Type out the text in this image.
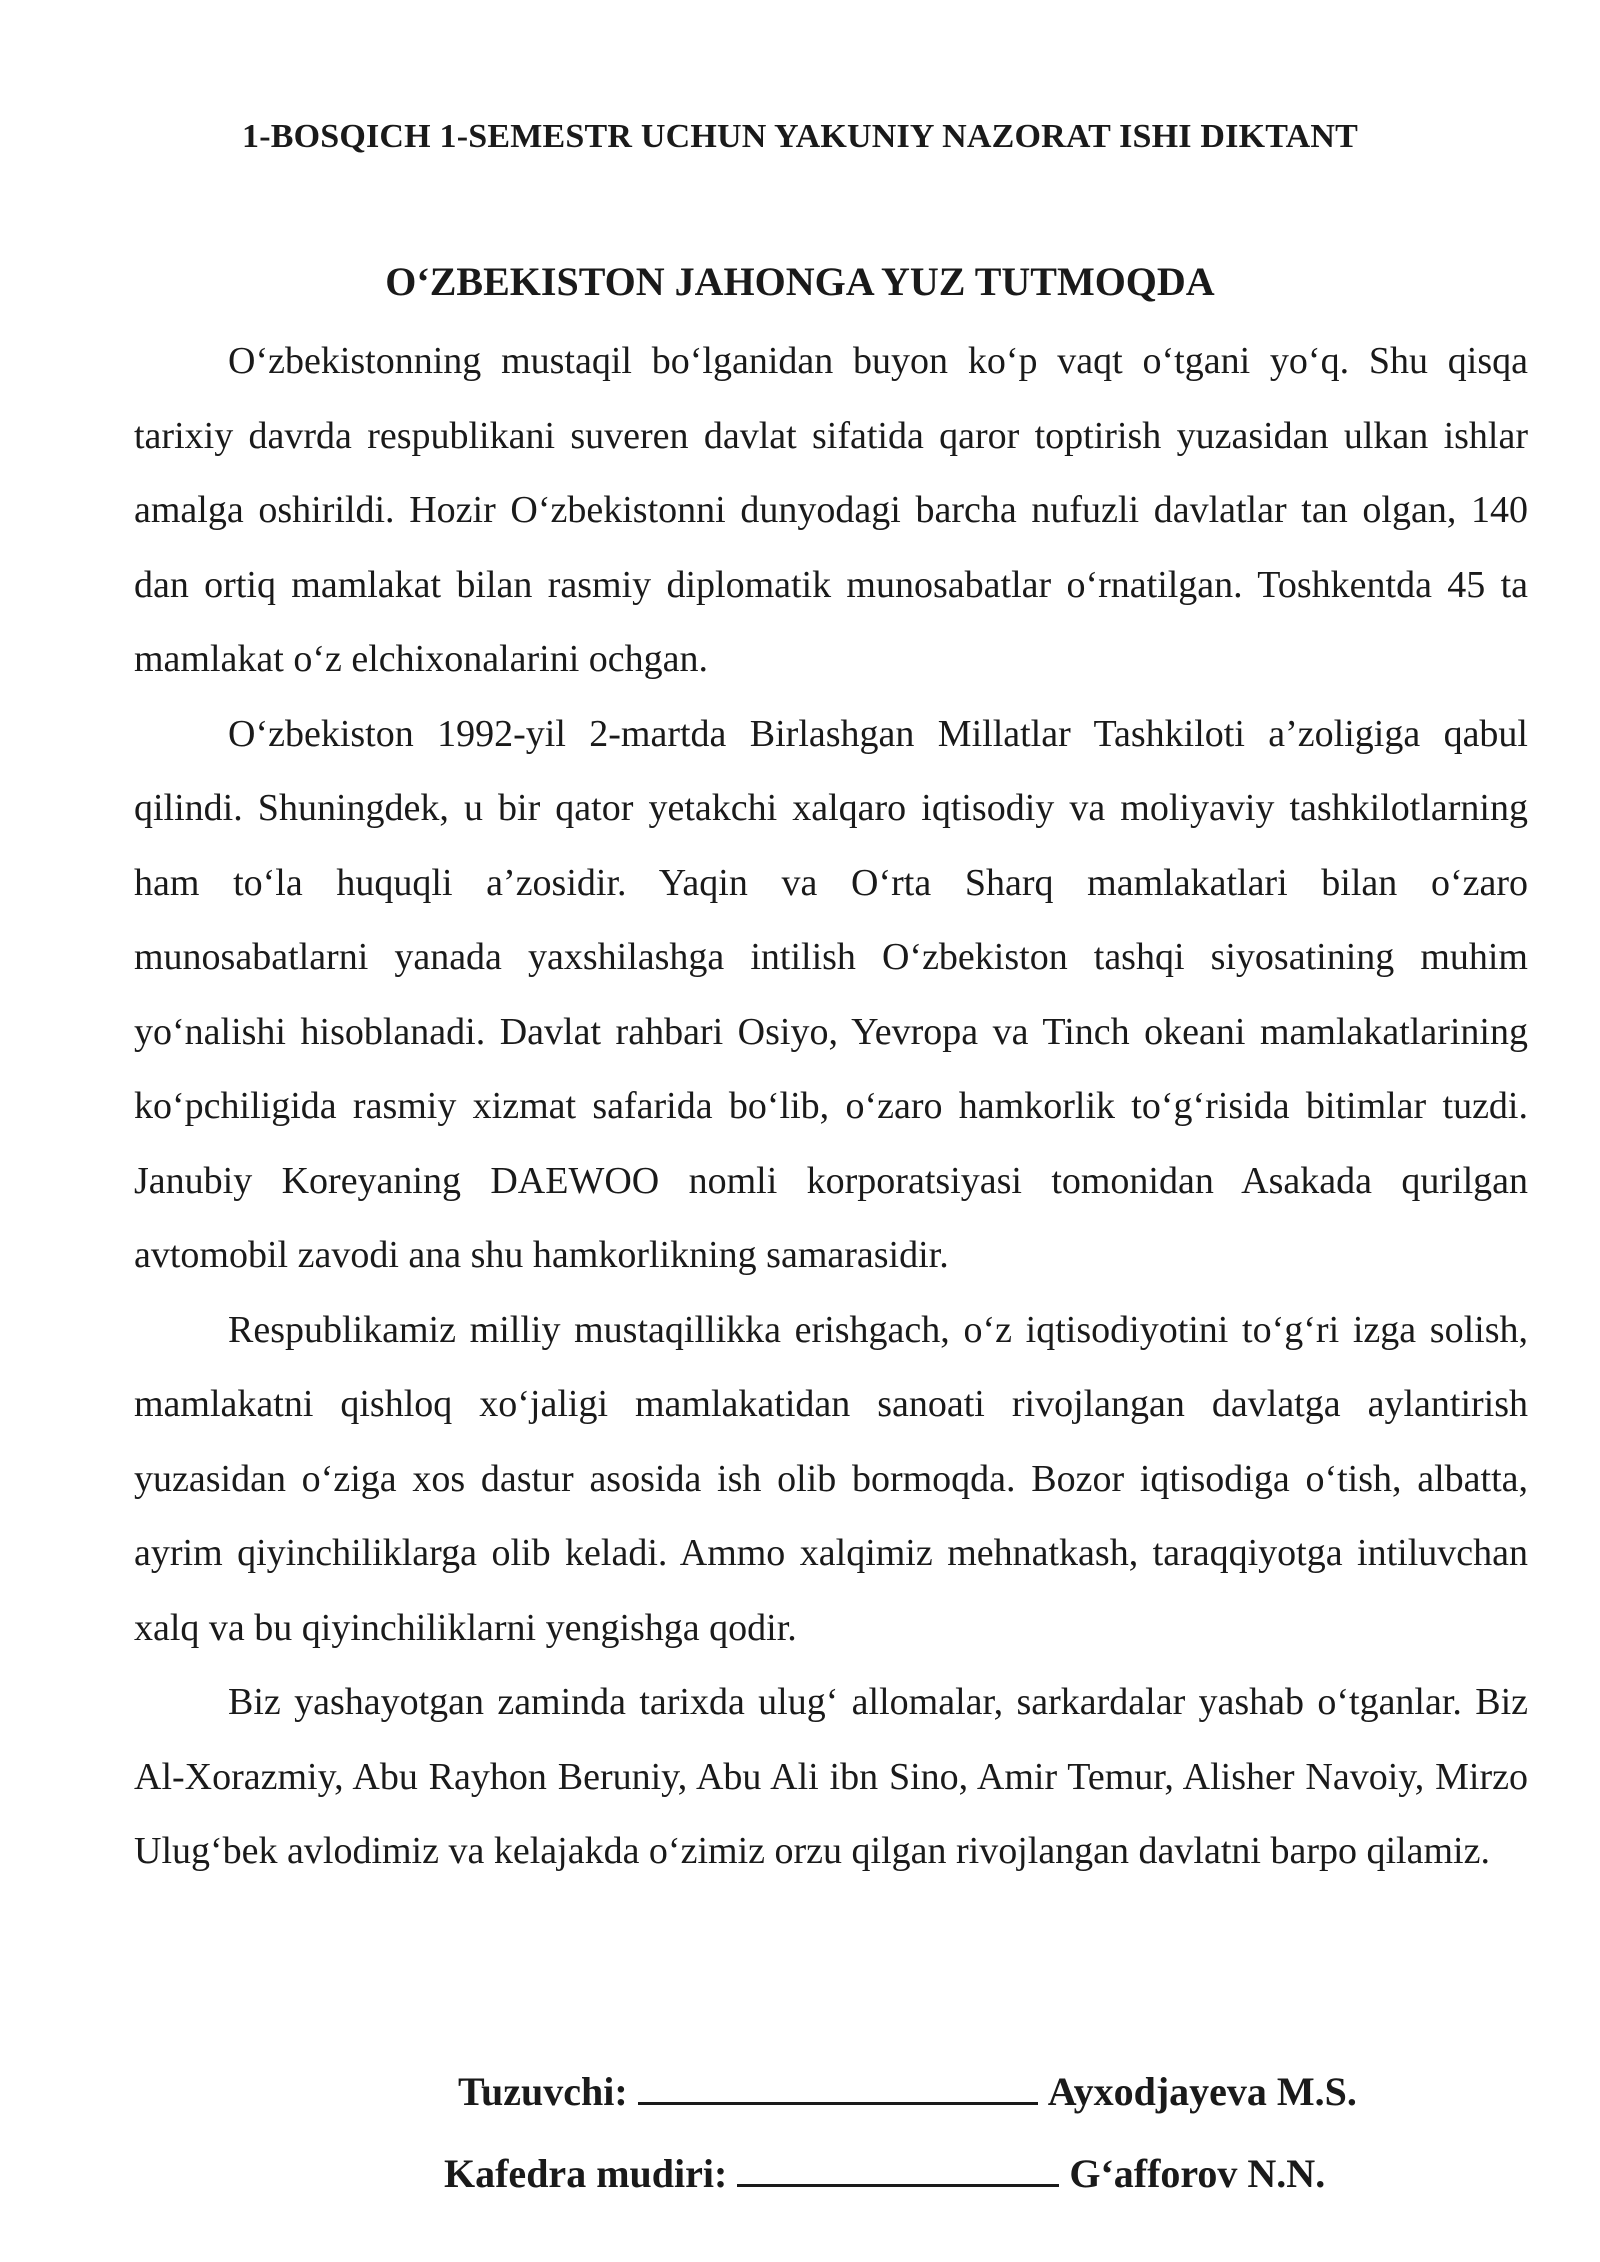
1-BOSQICH 1-SEMESTR UCHUN YAKUNIY NAZORAT ISHI DIKTANT
O‘ZBEKISTON JAHONGA YUZ TUTMOQDA

O‘zbekistonning mustaqil bo‘lganidan buyon ko‘p vaqt o‘tgani yo‘q. Shu qisqa tarixiy davrda respublikani suveren davlat sifatida qaror toptirish yuzasidan ulkan ishlar amalga oshirildi. Hozir O‘zbekistonni dunyodagi barcha nufuzli davlatlar tan olgan, 140 dan ortiq mamlakat bilan rasmiy diplomatik munosabatlar o‘rnatilgan. Toshkentda 45 ta mamlakat o‘z elchixonalarini ochgan.

O‘zbekiston 1992-yil 2-martda Birlashgan Millatlar Tashkiloti a’zoligiga qabul qilindi. Shuningdek, u bir qator yetakchi xalqaro iqtisodiy va moliyaviy tashkilotlarning ham to‘la huquqli a’zosidir. Yaqin va O‘rta Sharq mamlakatlari bilan o‘zaro munosabatlarni yanada yaxshilashga intilish O‘zbekiston tashqi siyosatining muhim yo‘nalishi hisoblanadi. Davlat rahbari Osiyo, Yevropa va Tinch okeani mamlakatlarining ko‘pchiligida rasmiy xizmat safarida bo‘lib, o‘zaro hamkorlik to‘g‘risida bitimlar tuzdi. Janubiy Koreyaning DAEWOO nomli korporatsiyasi tomonidan Asakada qurilgan avtomobil zavodi ana shu hamkorlikning samarasidir.

Respublikamiz milliy mustaqillikka erishgach, o‘z iqtisodiyotini to‘g‘ri izga solish, mamlakatni qishloq xo‘jaligi mamlakatidan sanoati rivojlangan davlatga aylantirish yuzasidan o‘ziga xos dastur asosida ish olib bormoqda. Bozor iqtisodiga o‘tish, albatta, ayrim qiyinchiliklarga olib keladi. Ammo xalqimiz mehnatkash, taraqqiyotga intiluvchan xalq va bu qiyinchiliklarni yengishga qodir.

Biz yashayotgan zaminda tarixda ulug‘ allomalar, sarkardalar yashab o‘tganlar. Biz Al-Xorazmiy, Abu Rayhon Beruniy, Abu Ali ibn Sino, Amir Temur, Alisher Navoiy, Mirzo Ulug‘bek avlodimiz va kelajakda o‘zimiz orzu qilgan rivojlangan davlatni barpo qilamiz.

Tuzuvchi:	Ayxodjayeva M.S.
Kafedra mudiri:	G‘afforov N.N.
